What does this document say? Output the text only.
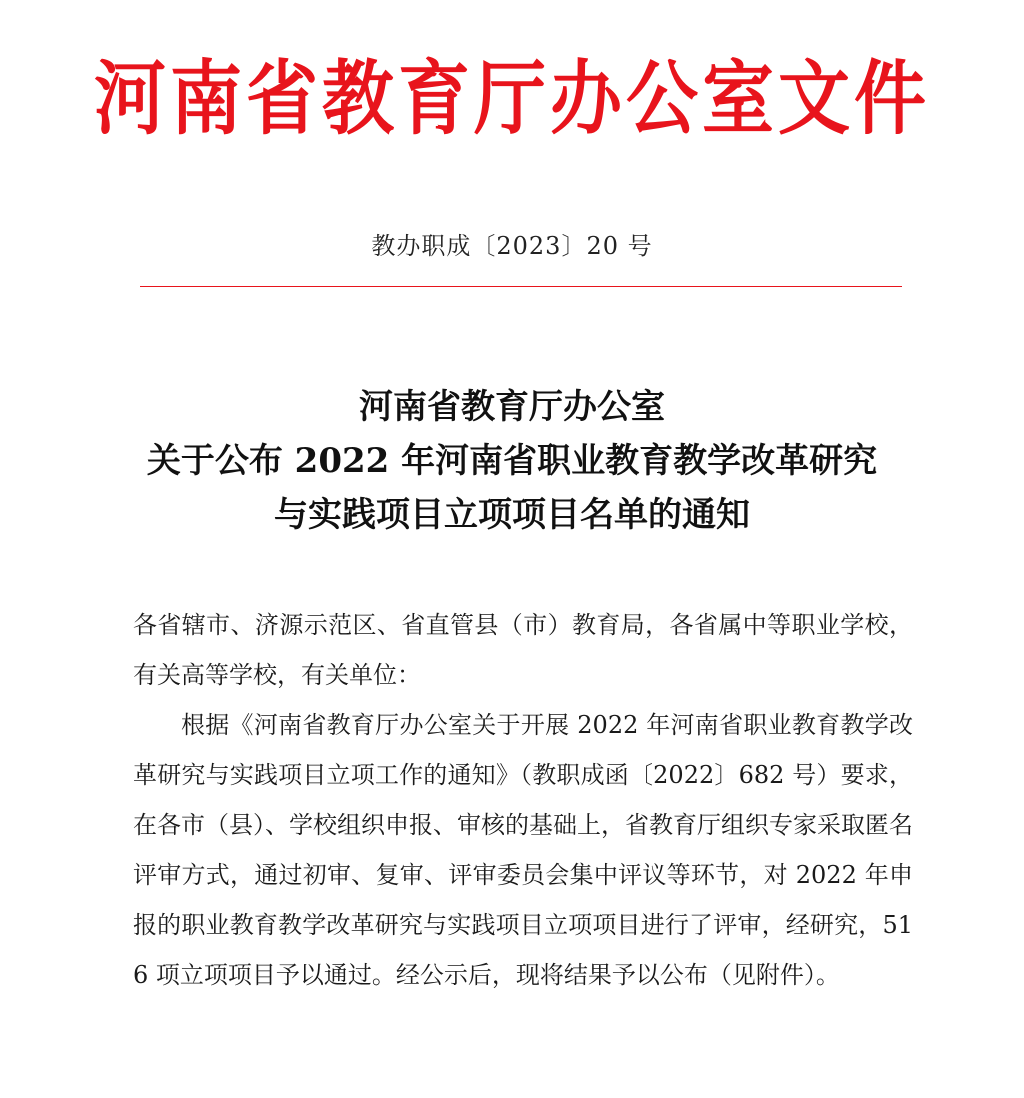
河南省教育厅办公室文件
教办职成〔2023〕20 号
河南省教育厅办公室
关于公布 2022 年河南省职业教育教学改革研究
与实践项目立项项目名单的通知

各省辖市、济源示范区、省直管县（市）教育局，各省属中等职业学校，有关高等学校，有关单位：

根据《河南省教育厅办公室关于开展 2022 年河南省职业教育教学改革研究与实践项目立项工作的通知》（教职成函〔2022〕682 号）要求，在各市（县）、学校组织申报、审核的基础上，省教育厅组织专家采取匿名评审方式，通过初审、复审、评审委员会集中评议等环节，对 2022 年申报的职业教育教学改革研究与实践项目立项项目进行了评审，经研究，516 项立项项目予以通过。经公示后，现将结果予以公布（见附件）。
